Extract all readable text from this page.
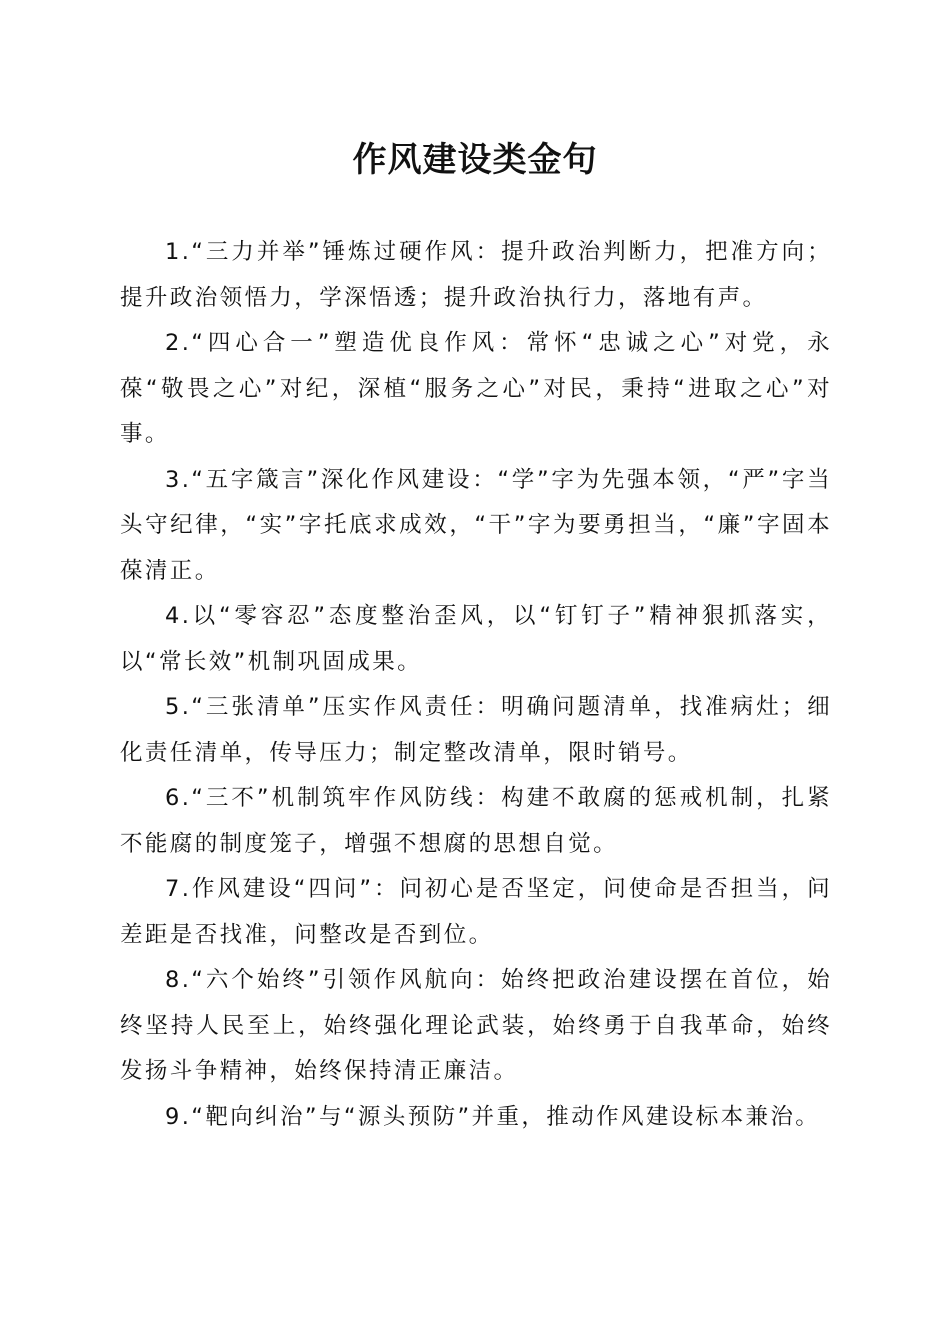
作风建设类金句

1.“三力并举”锤炼过硬作风：提升政治判断力，把准方向；提升政治领悟力，学深悟透；提升政治执行力，落地有声。

2.“四心合一”塑造优良作风：常怀“忠诚之心”对党，永葆“敬畏之心”对纪，深植“服务之心”对民，秉持“进取之心”对事。

3.“五字箴言”深化作风建设：“学”字为先强本领，“严”字当头守纪律，“实”字托底求成效，“干”字为要勇担当，“廉”字固本葆清正。

4.以“零容忍”态度整治歪风，以“钉钉子”精神狠抓落实，以“常长效”机制巩固成果。

5.“三张清单”压实作风责任：明确问题清单，找准病灶；细化责任清单，传导压力；制定整改清单，限时销号。

6.“三不”机制筑牢作风防线：构建不敢腐的惩戒机制，扎紧不能腐的制度笼子，增强不想腐的思想自觉。

7.作风建设“四问”：问初心是否坚定，问使命是否担当，问差距是否找准，问整改是否到位。

8.“六个始终”引领作风航向：始终把政治建设摆在首位，始终坚持人民至上，始终强化理论武装，始终勇于自我革命，始终发扬斗争精神，始终保持清正廉洁。

9.“靶向纠治”与“源头预防”并重，推动作风建设标本兼治。
